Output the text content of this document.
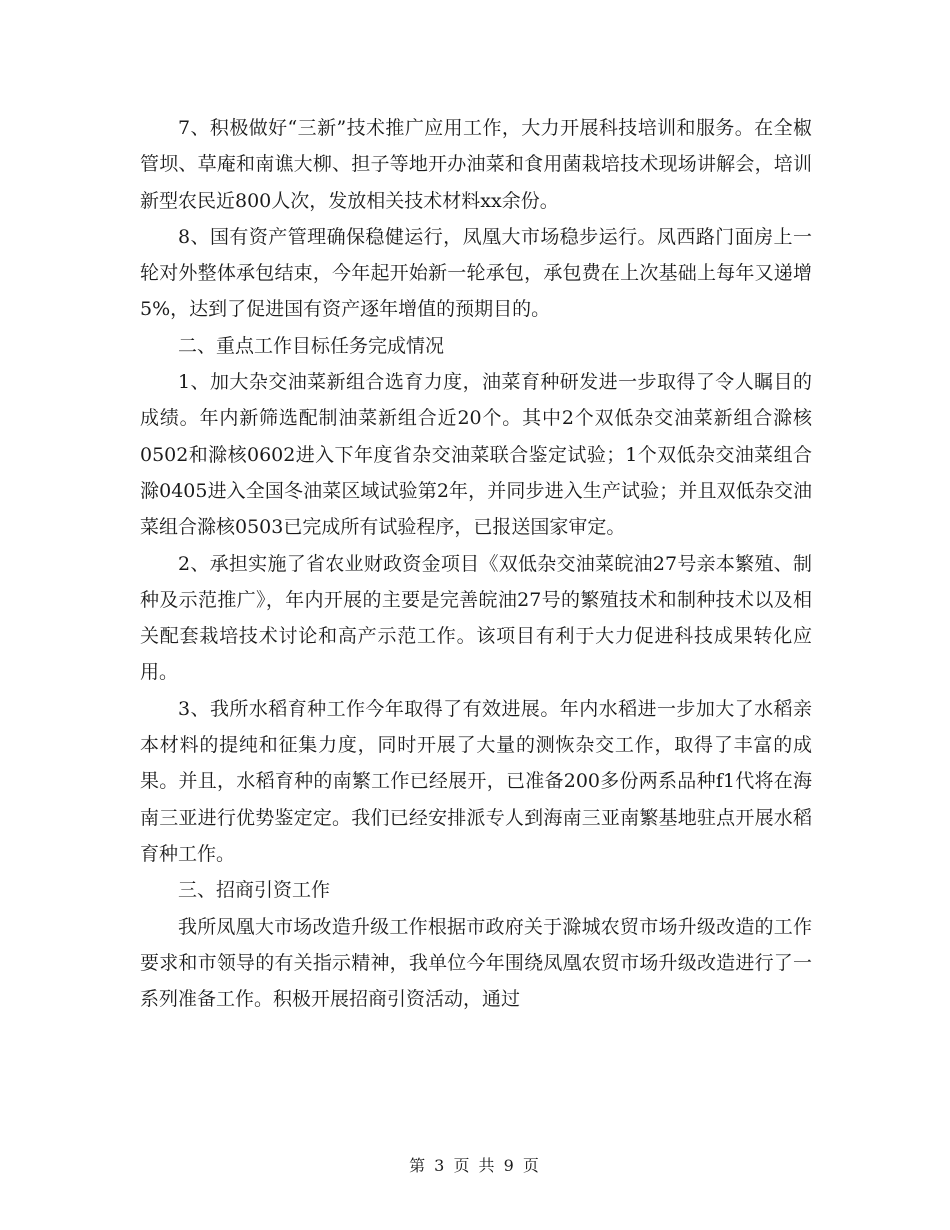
7、积极做好“三新”技术推广应用工作，大力开展科技培训和服务。在全椒管坝、草庵和南谯大柳、担子等地开办油菜和食用菌栽培技术现场讲解会，培训新型农民近800人次，发放相关技术材料xx余份。

8、国有资产管理确保稳健运行，凤凰大市场稳步运行。凤西路门面房上一轮对外整体承包结束，今年起开始新一轮承包，承包费在上次基础上每年又递增5%，达到了促进国有资产逐年增值的预期目的。

二、重点工作目标任务完成情况

1、加大杂交油菜新组合选育力度，油菜育种研发进一步取得了令人瞩目的成绩。年内新筛选配制油菜新组合近20个。其中2个双低杂交油菜新组合滁核0502和滁核0602进入下年度省杂交油菜联合鉴定试验；1个双低杂交油菜组合滁0405进入全国冬油菜区域试验第2年，并同步进入生产试验；并且双低杂交油菜组合滁核0503已完成所有试验程序，已报送国家审定。

2、承担实施了省农业财政资金项目《双低杂交油菜皖油27号亲本繁殖、制种及示范推广》，年内开展的主要是完善皖油27号的繁殖技术和制种技术以及相关配套栽培技术讨论和高产示范工作。该项目有利于大力促进科技成果转化应用。

3、我所水稻育种工作今年取得了有效进展。年内水稻进一步加大了水稻亲本材料的提纯和征集力度，同时开展了大量的测恢杂交工作，取得了丰富的成果。并且，水稻育种的南繁工作已经展开，已准备200多份两系品种f1代将在海南三亚进行优势鉴定定。我们已经安排派专人到海南三亚南繁基地驻点开展水稻育种工作。

三、招商引资工作

我所凤凰大市场改造升级工作根据市政府关于滁城农贸市场升级改造的工作要求和市领导的有关指示精神，我单位今年围绕凤凰农贸市场升级改造进行了一系列准备工作。积极开展招商引资活动，通过

第 3 页 共 9 页
